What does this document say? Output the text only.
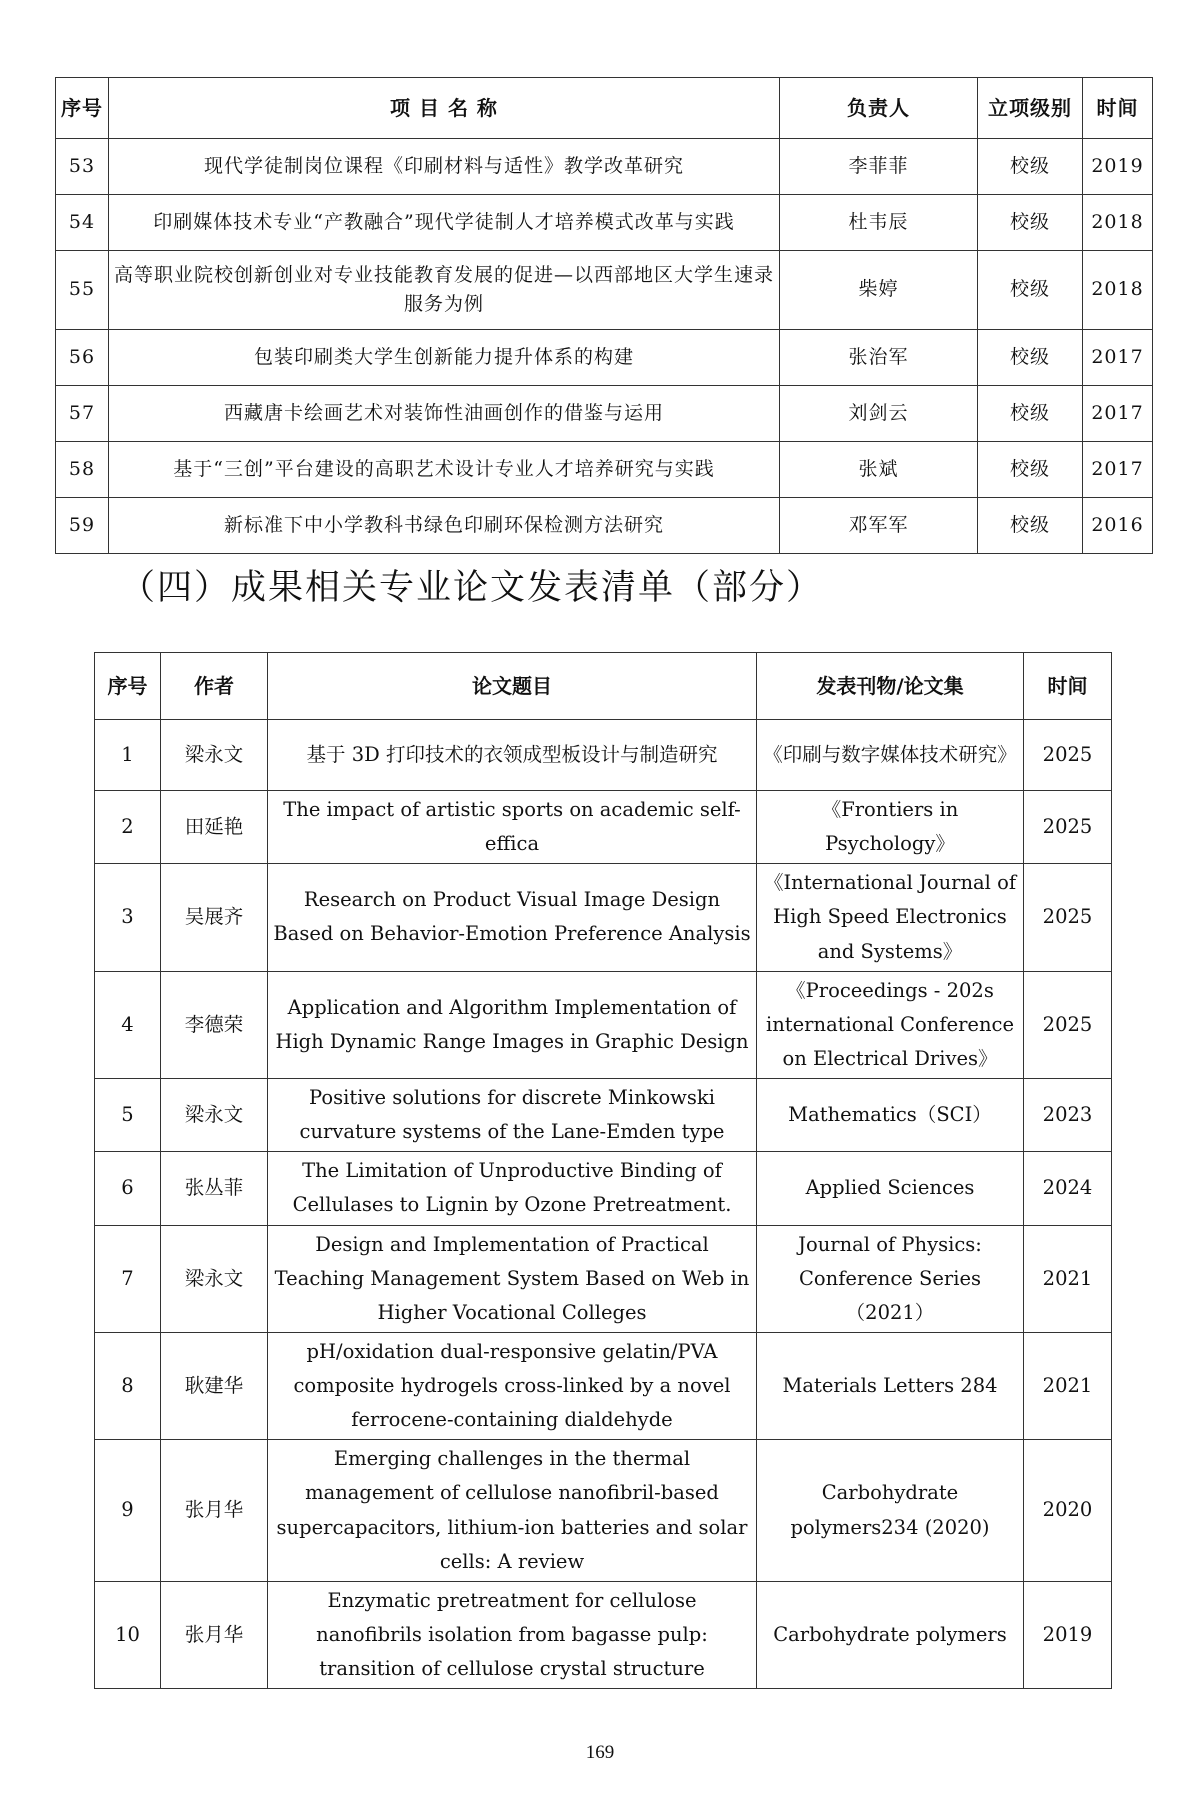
序号	项 目 名 称	负责人	立项级别	时间
53	现代学徒制岗位课程《印刷材料与适性》教学改革研究	李菲菲	校级	2019
54	印刷媒体技术专业“产教融合”现代学徒制人才培养模式改革与实践	杜韦辰	校级	2018
55	高等职业院校创新创业对专业技能教育发展的促进—以西部地区大学生速录服务为例	柴婷	校级	2018
56	包装印刷类大学生创新能力提升体系的构建	张治军	校级	2017
57	西藏唐卡绘画艺术对装饰性油画创作的借鉴与运用	刘剑云	校级	2017
58	基于“三创”平台建设的高职艺术设计专业人才培养研究与实践	张斌	校级	2017
59	新标准下中小学教科书绿色印刷环保检测方法研究	邓军军	校级	2016
（四）成果相关专业论文发表清单（部分）
序号	作者	论文题目	发表刊物/论文集	时间
1	梁永文	基于 3D 打印技术的衣领成型板设计与制造研究	《印刷与数字媒体技术研究》	2025
2	田延艳	The impact of artistic sports on academic self-effica	《Frontiers in Psychology》	2025
3	吴展齐	Research on Product Visual Image Design Based on Behavior-Emotion Preference Analysis	《International Journal of High Speed Electronics and Systems》	2025
4	李德荣	Application and Algorithm Implementation of High Dynamic Range Images in Graphic Design	《Proceedings - 202s international Conference on Electrical Drives》	2025
5	梁永文	Positive solutions for discrete Minkowski curvature systems of the Lane-Emden type	Mathematics（SCI）	2023
6	张丛菲	The Limitation of Unproductive Binding of Cellulases to Lignin by Ozone Pretreatment.	Applied Sciences	2024
7	梁永文	Design and Implementation of Practical Teaching Management System Based on Web in Higher Vocational Colleges	Journal of Physics: Conference Series（2021）	2021
8	耿建华	pH/oxidation dual-responsive gelatin/PVA composite hydrogels cross-linked by a novel ferrocene-containing dialdehyde	Materials Letters 284	2021
9	张月华	Emerging challenges in the thermal management of cellulose nanofibril-based supercapacitors, lithium-ion batteries and solar cells: A review	Carbohydrate polymers234 (2020)	2020
10	张月华	Enzymatic pretreatment for cellulose nanofibrils isolation from bagasse pulp: transition of cellulose crystal structure	Carbohydrate polymers	2019
169
